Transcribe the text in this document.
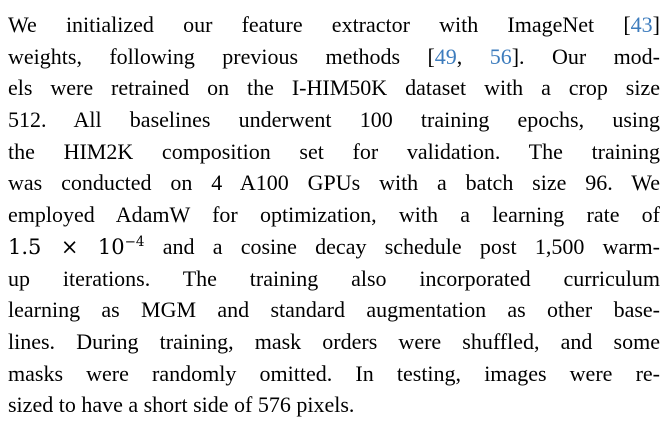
We initialized our feature extractor with ImageNet [43]
weights, following previous methods [49, 56]. Our mod-
els were retrained on the I-HIM50K dataset with a crop size
512. All baselines underwent 100 training epochs, using
the HIM2K composition set for validation. The training
was conducted on 4 A100 GPUs with a batch size 96. We
employed AdamW for optimization, with a learning rate of
$1.5 \times 10^{-4}$ and a cosine decay schedule post 1,500 warm-
up iterations. The training also incorporated curriculum
learning as MGM and standard augmentation as other base-
lines. During training, mask orders were shuffled, and some
masks were randomly omitted. In testing, images were re-
sized to have a short side of 576 pixels.
